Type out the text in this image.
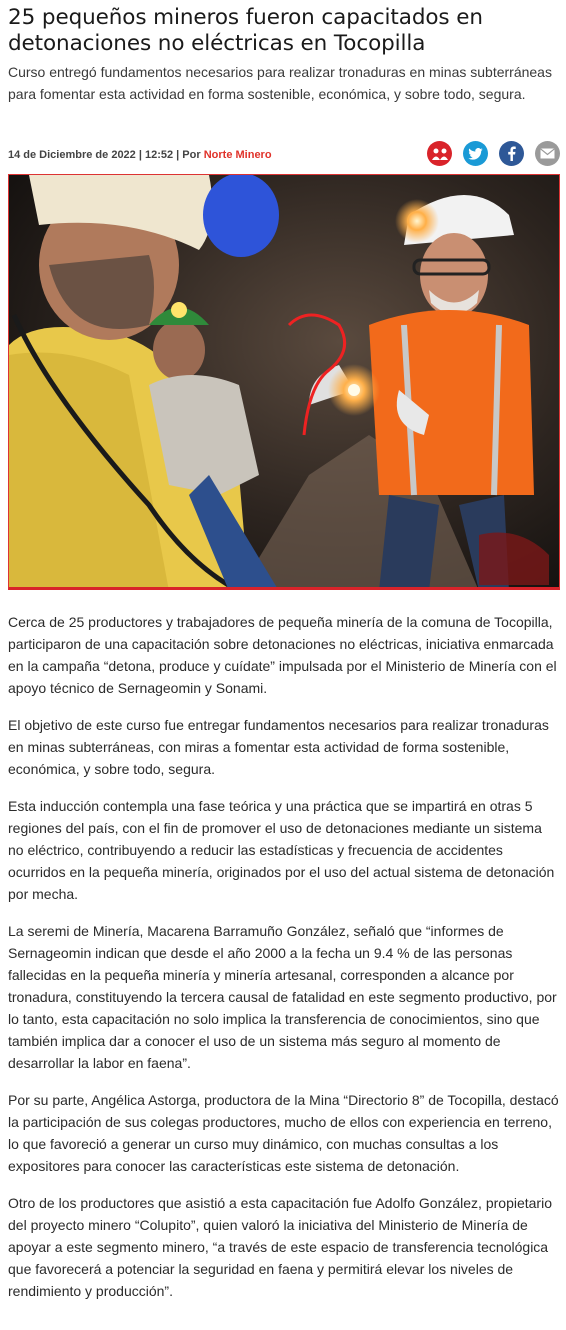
25 pequeños mineros fueron capacitados en detonaciones no eléctricas en Tocopilla
Curso entregó fundamentos necesarios para realizar tronaduras en minas subterráneas para fomentar esta actividad en forma sostenible, económica, y sobre todo, segura.
14 de Diciembre de 2022 | 12:52 | Por Norte Minero

Cerca de 25 productores y trabajadores de pequeña minería de la comuna de Tocopilla, participaron de una capacitación sobre detonaciones no eléctricas, iniciativa enmarcada en la campaña “detona, produce y cuídate” impulsada por el Ministerio de Minería con el apoyo técnico de Sernageomin y Sonami.

El objetivo de este curso fue entregar fundamentos necesarios para realizar tronaduras en minas subterráneas, con miras a fomentar esta actividad de forma sostenible, económica, y sobre todo, segura.

Esta inducción contempla una fase teórica y una práctica que se impartirá en otras 5 regiones del país, con el fin de promover el uso de detonaciones mediante un sistema no eléctrico, contribuyendo a reducir las estadísticas y frecuencia de accidentes ocurridos en la pequeña minería, originados por el uso del actual sistema de detonación por mecha.

La seremi de Minería, Macarena Barramuño González, señaló que “informes de Sernageomin indican que desde el año 2000 a la fecha un 9.4 % de las personas fallecidas en la pequeña minería y minería artesanal, corresponden a alcance por tronadura, constituyendo la tercera causal de fatalidad en este segmento productivo, por lo tanto, esta capacitación no solo implica la transferencia de conocimientos, sino que también implica dar a conocer el uso de un sistema más seguro al momento de desarrollar la labor en faena”.

Por su parte, Angélica Astorga, productora de la Mina “Directorio 8” de Tocopilla, destacó la participación de sus colegas productores, mucho de ellos con experiencia en terreno, lo que favoreció a generar un curso muy dinámico, con muchas consultas a los expositores para conocer las características este sistema de detonación.

Otro de los productores que asistió a esta capacitación fue Adolfo González, propietario del proyecto minero “Colupito”, quien valoró la iniciativa del Ministerio de Minería de apoyar a este segmento minero, “a través de este espacio de transferencia tecnológica que favorecerá a potenciar la seguridad en faena y permitirá elevar los niveles de rendimiento y producción”.
